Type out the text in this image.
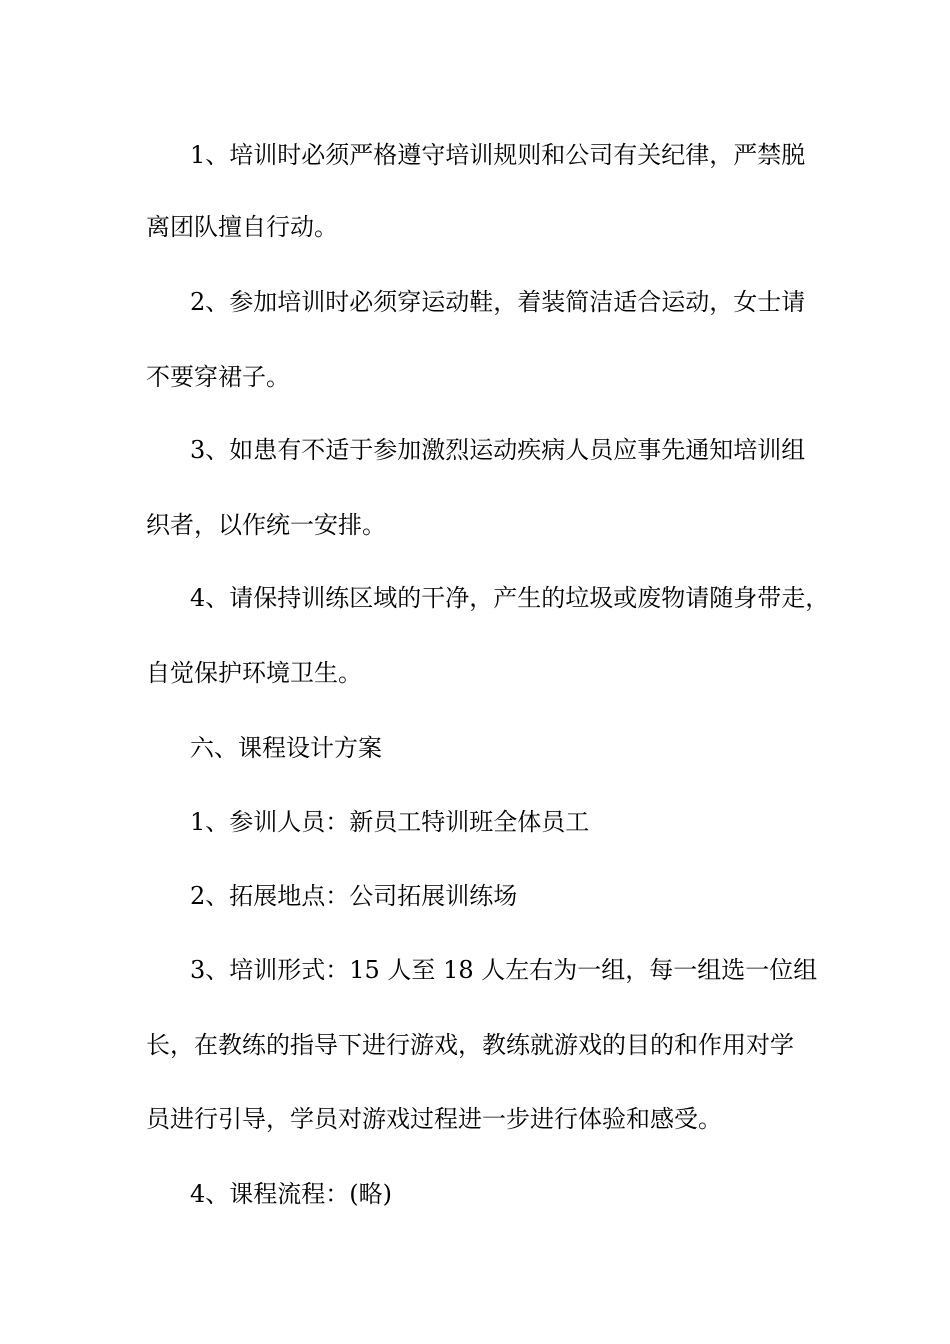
1、培训时必须严格遵守培训规则和公司有关纪律，严禁脱

离团队擅自行动。

2、参加培训时必须穿运动鞋，着装简洁适合运动，女士请

不要穿裙子。

3、如患有不适于参加激烈运动疾病人员应事先通知培训组

织者，以作统一安排。

4、请保持训练区域的干净，产生的垃圾或废物请随身带走，

自觉保护环境卫生。

六、课程设计方案

1、参训人员：新员工特训班全体员工

2、拓展地点：公司拓展训练场

3、培训形式：15 人至 18 人左右为一组，每一组选一位组

长，在教练的指导下进行游戏，教练就游戏的目的和作用对学

员进行引导，学员对游戏过程进一步进行体验和感受。

4、课程流程：(略)
